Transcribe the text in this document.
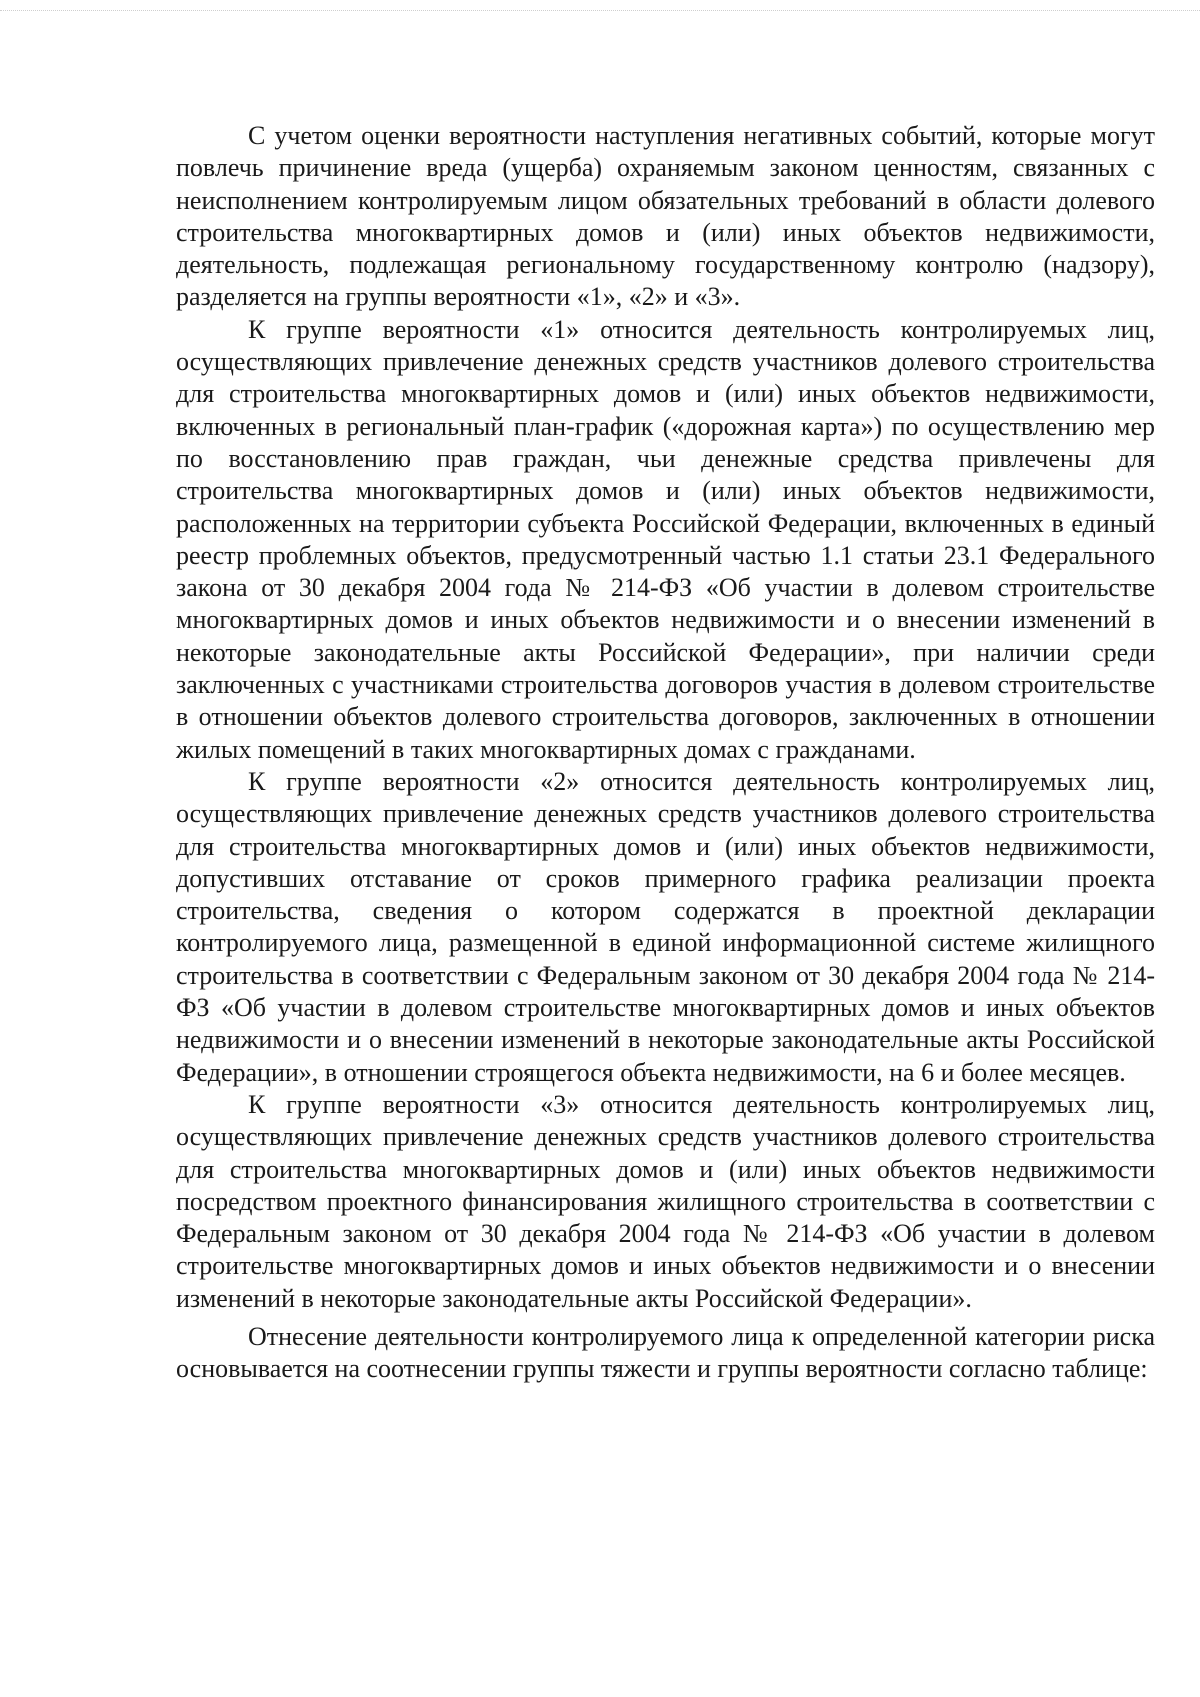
С учетом оценки вероятности наступления негативных событий, которые могут повлечь причинение вреда (ущерба) охраняемым законом ценностям, связанных с неисполнением контролируемым лицом обязательных требований в области долевого строительства многоквартирных домов и (или) иных объектов недвижимости, деятельность, подлежащая региональному государственному контролю (надзору), разделяется на группы вероятности «1», «2» и «3».

К группе вероятности «1» относится деятельность контролируемых лиц, осуществляющих привлечение денежных средств участников долевого строительства для строительства многоквартирных домов и (или) иных объектов недвижимости, включенных в региональный план-график («дорожная карта») по осуществлению мер по восстановлению прав граждан, чьи денежные средства привлечены для строительства многоквартирных домов и (или) иных объектов недвижимости, расположенных на территории субъекта Российской Федерации, включенных в единый реестр проблемных объектов, предусмотренный частью 1.1 статьи 23.1 Федерального закона от 30 декабря 2004 года № 214-ФЗ «Об участии в долевом строительстве многоквартирных домов и иных объектов недвижимости и о внесении изменений в некоторые законодательные акты Российской Федерации», при наличии среди заключенных с участниками строительства договоров участия в долевом строительстве в отношении объектов долевого строительства договоров, заключенных в отношении жилых помещений в таких многоквартирных домах с гражданами.

К группе вероятности «2» относится деятельность контролируемых лиц, осуществляющих привлечение денежных средств участников долевого строительства для строительства многоквартирных домов и (или) иных объектов недвижимости, допустивших отставание от сроков примерного графика реализации проекта строительства, сведения о котором содержатся в проектной декларации контролируемого лица, размещенной в единой информационной системе жилищного строительства в соответствии с Федеральным законом от 30 декабря 2004 года № 214-ФЗ «Об участии в долевом строительстве многоквартирных домов и иных объектов недвижимости и о внесении изменений в некоторые законодательные акты Российской Федерации», в отношении строящегося объекта недвижимости, на 6 и более месяцев.

К группе вероятности «3» относится деятельность контролируемых лиц, осуществляющих привлечение денежных средств участников долевого строительства для строительства многоквартирных домов и (или) иных объектов недвижимости посредством проектного финансирования жилищного строительства в соответствии с Федеральным законом от 30 декабря 2004 года № 214-ФЗ «Об участии в долевом строительстве многоквартирных домов и иных объектов недвижимости и о внесении изменений в некоторые законодательные акты Российской Федерации».

Отнесение деятельности контролируемого лица к определенной категории риска основывается на соотнесении группы тяжести и группы вероятности согласно таблице:
